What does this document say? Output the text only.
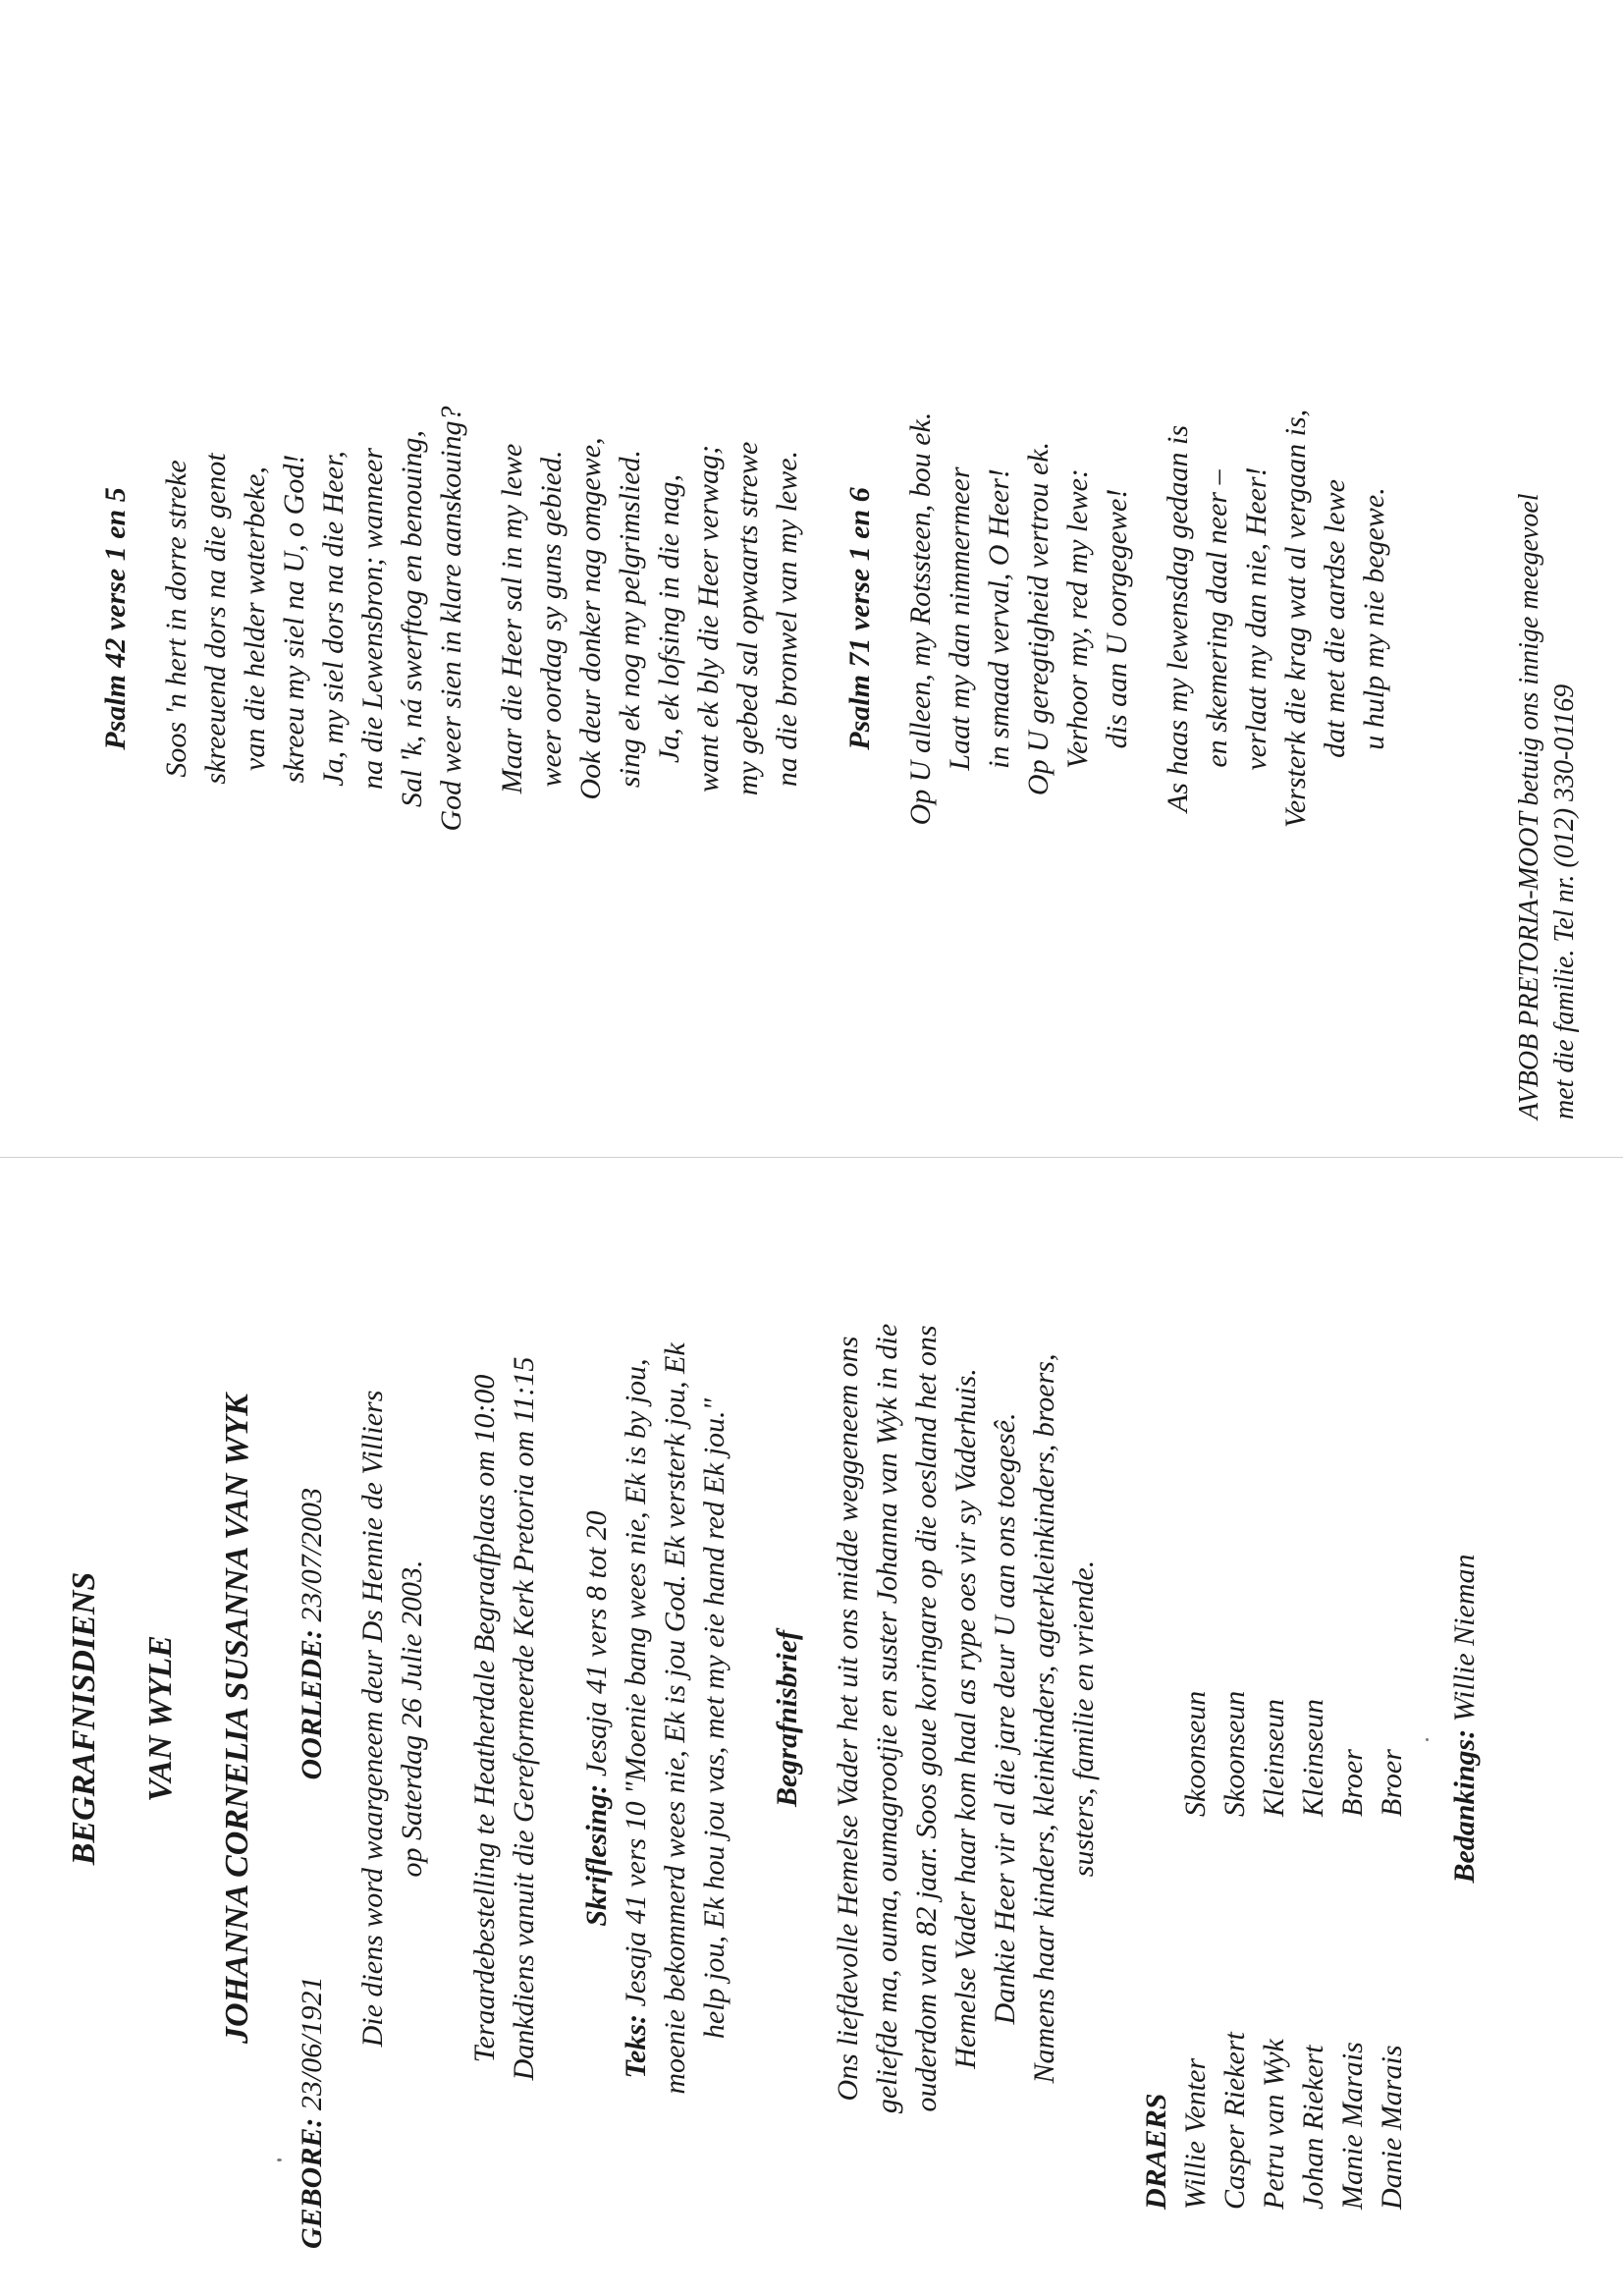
BEGRAFNISDIENS VAN WYLE JOHANNA CORNELIA SUSANNA VAN WYK

GEBORE: 23/06/1921

OORLEDE: 23/07/2003 Die diens word waargeneem deur Ds Hennie de Villiers op Saterdag 26 Julie 2003. Teraardebestelling te Heatherdale Begraafplaas om 10:00 Dankdiens vanuit die Gereformeerde Kerk Pretoria om 11:15 Skriflesing: Jesaja 41 vers 8 tot 20

Teks: Jesaja 41 vers 10 "Moenie bang wees nie, Ek is by jou, moenie bekommerd wees nie, Ek is jou God. Ek versterk jou, Ek help jou, Ek hou jou vas, met my eie hand red Ek jou." Begrafnisbrief Ons liefdevolle Hemelse Vader het uit ons midde weggeneem ons geliefde ma, ouma, oumagrootjie en suster Johanna van Wyk in die ouderdom van 82 jaar. Soos goue koringare op die oesland het ons Hemelse Vader haar kom haal as rype oes vir sy Vaderhuis. Dankie Heer vir al die jare deur U aan ons toegesê. Namens haar kinders, kleinkinders, agterkleinkinders, broers, susters, familie en vriende.

DRAERS Willie Venter
Skoonseun
Casper Riekert
Skoonseun
Petru van Wyk
Kleinseun
Johan Riekert
Kleinseun
Manie Marais
Broer
Danie Marais
Broer Bedankings: Willie Nieman

Psalm 42 verse 1 en 5 Soos 'n hert in dorre streke skreeuend dors na die genot van die helder waterbeke, skreeu my siel na U, o God! Ja, my siel dors na die Heer, na die Lewensbron; wanneer Sal 'k, ná swerftog en benouing, God weer sien in klare aanskouing? Maar die Heer sal in my lewe weer oordag sy guns gebied. Ook deur donker nag omgewe, sing ek nog my pelgrimslied. Ja, ek lofsing in die nag, want ek bly die Heer verwag; my gebed sal opwaarts strewe na die bronwel van my lewe. Psalm 71 verse 1 en 6 Op U alleen, my Rotssteen, bou ek. Laat my dan nimmermeer in smaad verval, O Heer! Op U geregtigheid vertrou ek. Verhoor my, red my lewe: dis aan U oorgegewe! As haas my lewensdag gedaan is en skemering daal neer – verlaat my dan nie, Heer! Versterk die krag wat al vergaan is, dat met die aardse lewe u hulp my nie begewe.	AVBOB PRETORIA-MOOT betuig ons innige meegevoel met die familie. Tel nr. (012) 330-01169
